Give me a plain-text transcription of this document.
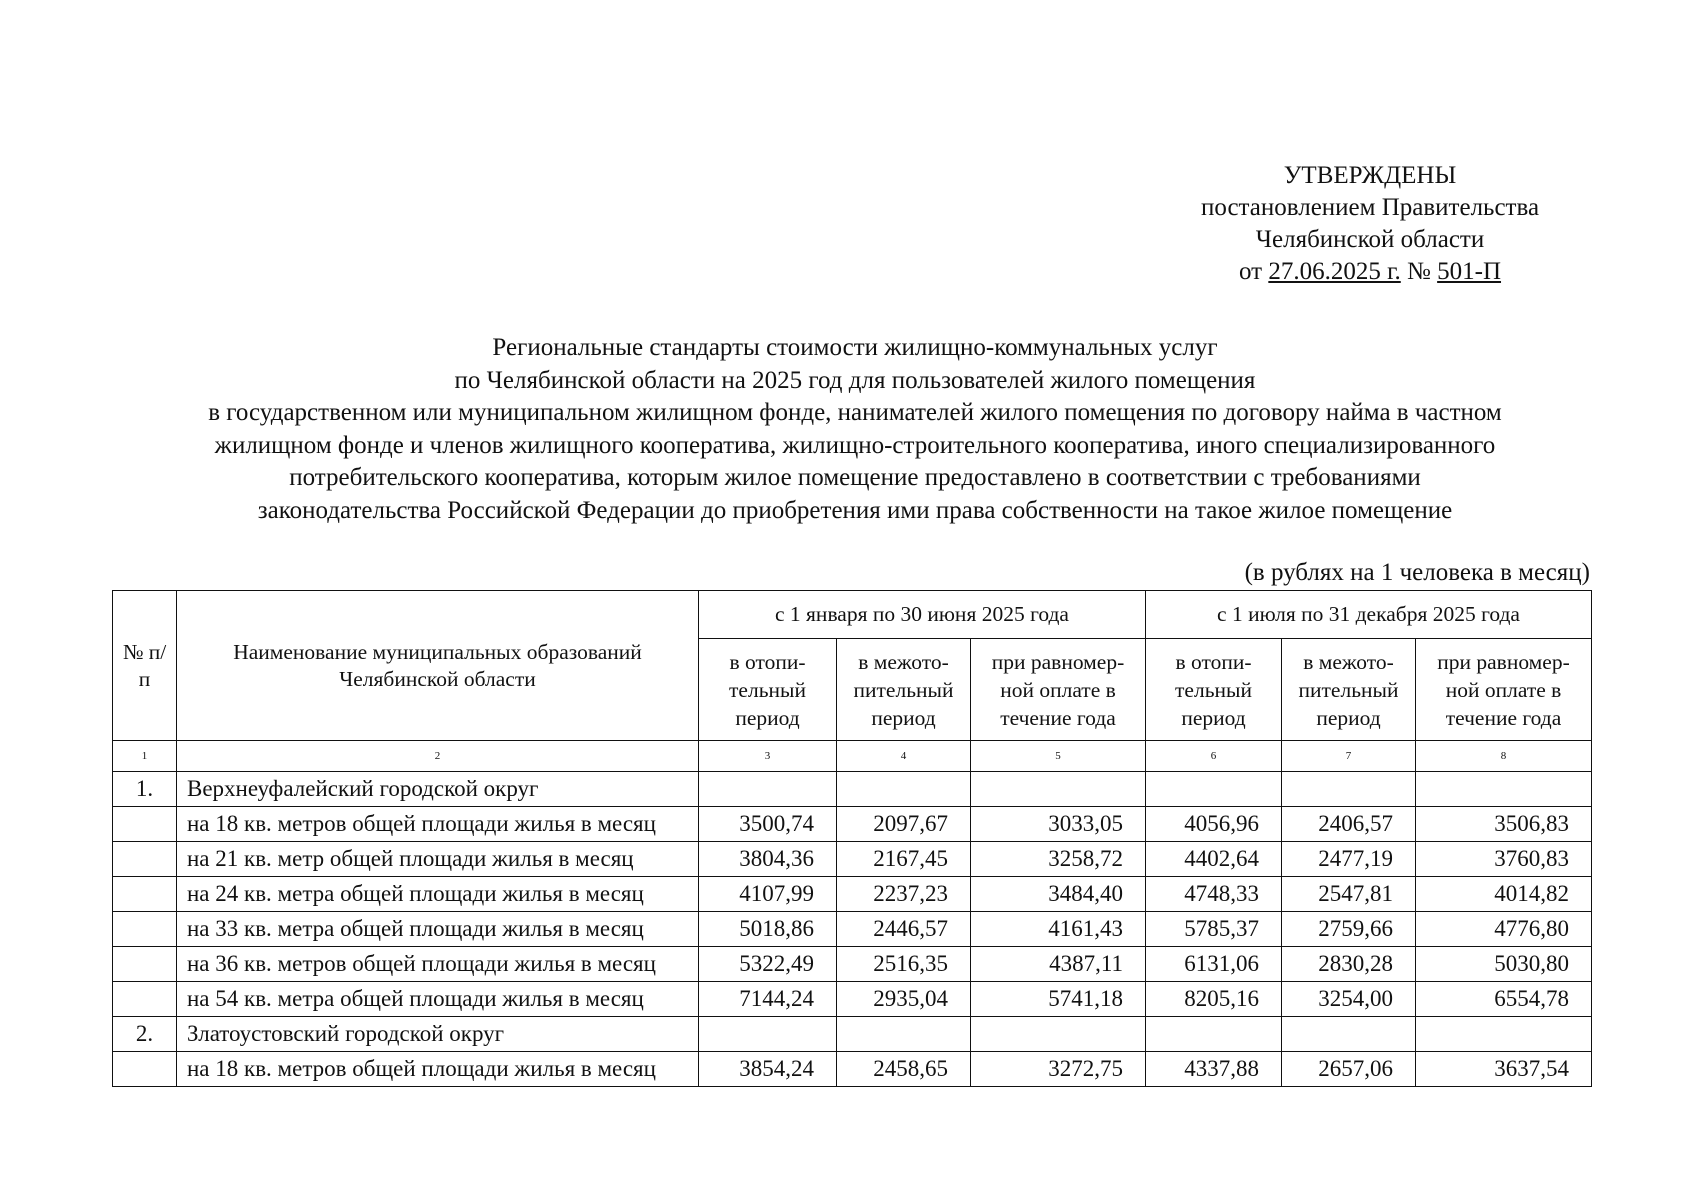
УТВЕРЖДЕНЫ
постановлением Правительства
Челябинской области
от 27.06.2025 г. № 501-П
Региональные стандарты стоимости жилищно-коммунальных услуг
по Челябинской области на 2025 год для пользователей жилого помещения
в государственном или муниципальном жилищном фонде, нанимателей жилого помещения по договору найма в частном
жилищном фонде и членов жилищного кооператива, жилищно-строительного кооператива, иного специализированного
потребительского кооператива, которым жилое помещение предоставлено в соответствии с требованиями
законодательства Российской Федерации до приобретения ими права собственности на такое жилое помещение
(в рублях на 1 человека в месяц)
№ п/п	Наименование муниципальных образований Челябинской области	с 1 января по 30 июня 2025 года			с 1 июля по 31 декабря 2025 года		
		в отопи-тельный период	в межото-пительный период	при равномер-ной оплате в течение года	в отопи-тельный период	в межото-пительный период	при равномер-ной оплате в течение года
1	2	3	4	5	6	7	8
1.	Верхнеуфалейский городской округ						
	на 18 кв. метров общей площади жилья в месяц	3500,74	2097,67	3033,05	4056,96	2406,57	3506,83
	на 21 кв. метр общей площади жилья в месяц	3804,36	2167,45	3258,72	4402,64	2477,19	3760,83
	на 24 кв. метра общей площади жилья в месяц	4107,99	2237,23	3484,40	4748,33	2547,81	4014,82
	на 33 кв. метра общей площади жилья в месяц	5018,86	2446,57	4161,43	5785,37	2759,66	4776,80
	на 36 кв. метров общей площади жилья в месяц	5322,49	2516,35	4387,11	6131,06	2830,28	5030,80
	на 54 кв. метра общей площади жилья в месяц	7144,24	2935,04	5741,18	8205,16	3254,00	6554,78
2.	Златоустовский городской округ						
	на 18 кв. метров общей площади жилья в месяц	3854,24	2458,65	3272,75	4337,88	2657,06	3637,54
